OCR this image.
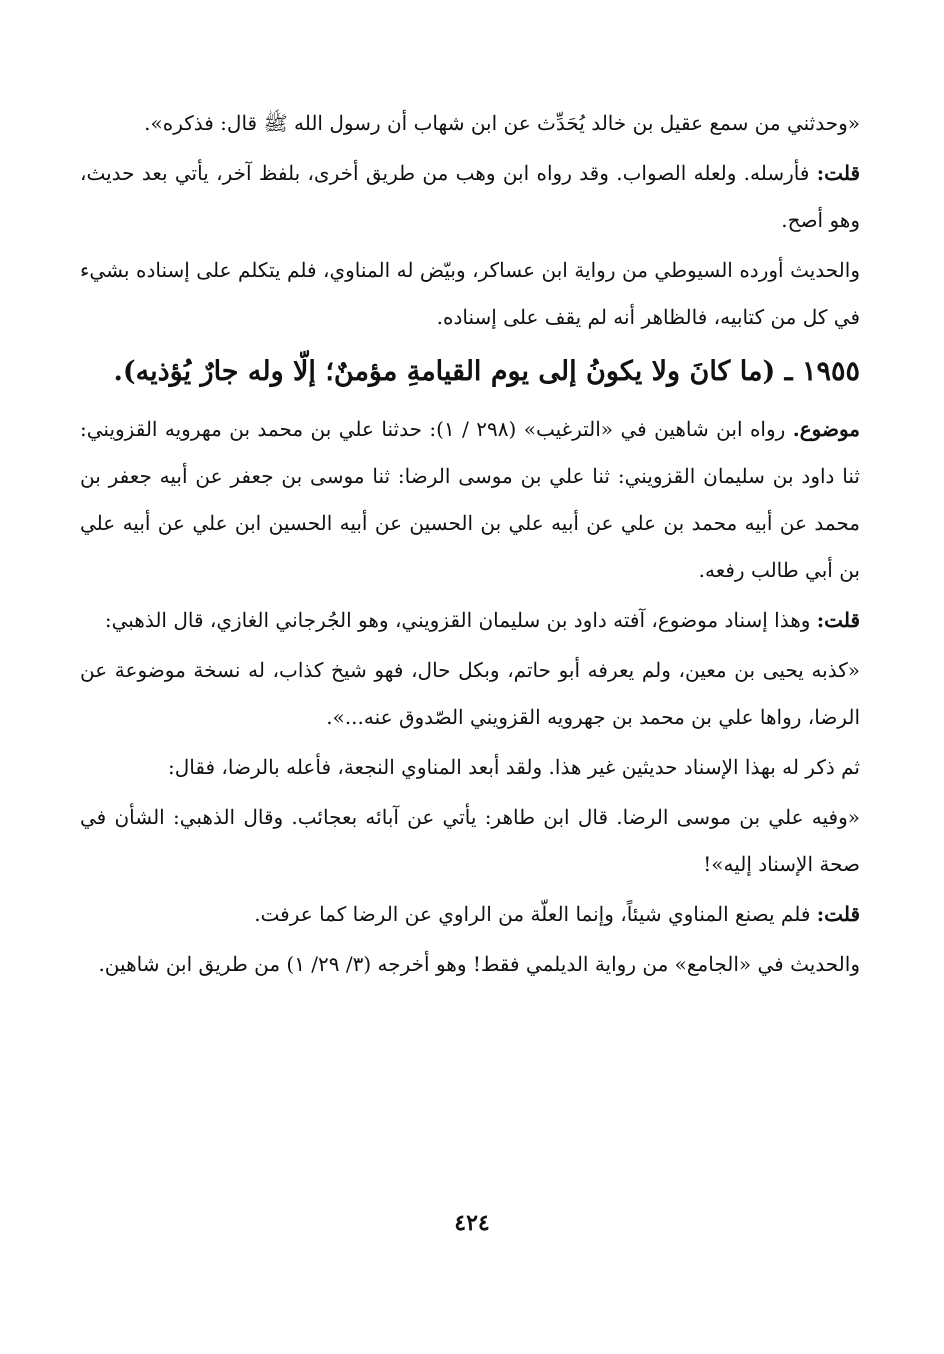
«وحدثني من سمع عقيل بن خالد يُحَدِّث عن ابن شهاب أن رسول الله ﷺ قال: فذكره».

قلت: فأرسله. ولعله الصواب. وقد رواه ابن وهب من طريق أخرى، بلفظ آخر، يأتي بعد حديث، وهو أصح.

والحديث أورده السيوطي من رواية ابن عساكر، وبيّض له المناوي، فلم يتكلم على إسناده بشيء في كل من كتابيه، فالظاهر أنه لم يقف على إسناده.

١٩٥٥ ـ (ما كانَ ولا يكونُ إلى يوم القيامةِ مؤمنٌ؛ إلّا وله جارٌ يُؤذيه).

موضوع. رواه ابن شاهين في «الترغيب» (٢٩٨ / ١): حدثنا علي بن محمد بن مهرويه القزويني: ثنا داود بن سليمان القزويني: ثنا علي بن موسى الرضا: ثنا موسى بن جعفر عن أبيه جعفر بن محمد عن أبيه محمد بن علي عن أبيه علي بن الحسين عن أبيه الحسين ابن علي عن أبيه علي بن أبي طالب رفعه.

قلت: وهذا إسناد موضوع، آفته داود بن سليمان القزويني، وهو الجُرجاني الغازي، قال الذهبي:

«كذبه يحيى بن معين، ولم يعرفه أبو حاتم، وبكل حال، فهو شيخ كذاب، له نسخة موضوعة عن الرضا، رواها علي بن محمد بن جهرويه القزويني الصّدوق عنه...».

ثم ذكر له بهذا الإسناد حديثين غير هذا. ولقد أبعد المناوي النجعة، فأعله بالرضا، فقال:

«وفيه علي بن موسى الرضا. قال ابن طاهر: يأتي عن آبائه بعجائب. وقال الذهبي: الشأن في صحة الإسناد إليه»!

قلت: فلم يصنع المناوي شيئاً، وإنما العلّة من الراوي عن الرضا كما عرفت.

والحديث في «الجامع» من رواية الديلمي فقط! وهو أخرجه (٣/ ٢٩/ ١) من طريق ابن شاهين.

٤٢٤
